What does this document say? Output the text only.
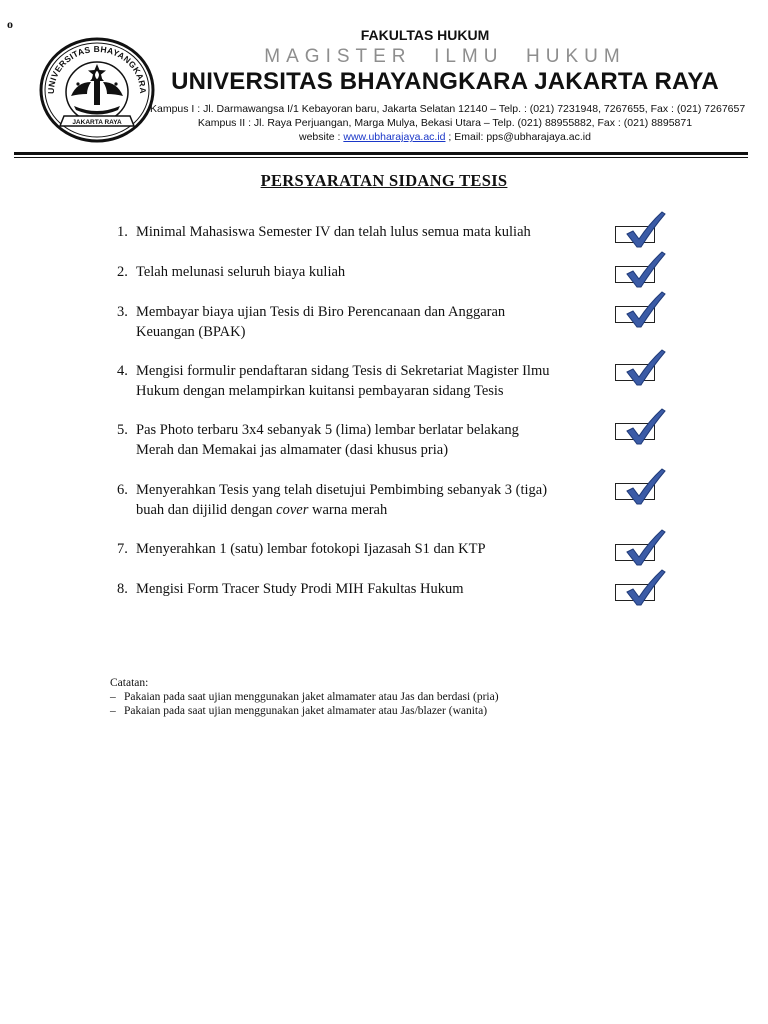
o
UNIVERSITAS BHAYANGKARA
JAKARTA RAYA
FAKULTAS HUKUM
MAGISTER  ILMU  HUKUM
UNIVERSITAS BHAYANGKARA JAKARTA RAYA
Kampus I : Jl. Darmawangsa I/1 Kebayoran baru, Jakarta Selatan 12140 – Telp. : (021) 7231948, 7267655, Fax : (021) 7267657
Kampus II : Jl. Raya Perjuangan, Marga Mulya, Bekasi Utara – Telp. (021) 88955882, Fax : (021) 8895871
website : www.ubharajaya.ac.id ; Email: pps@ubharajaya.ac.id
PERSYARATAN SIDANG TESIS
1. Minimal Mahasiswa Semester IV dan telah lulus semua mata kuliah
2. Telah melunasi seluruh biaya kuliah
3. Membayar biaya ujian Tesis di Biro Perencanaan dan Anggaran
Keuangan (BPAK)
4. Mengisi formulir pendaftaran sidang Tesis di Sekretariat Magister Ilmu
Hukum dengan melampirkan kuitansi pembayaran sidang Tesis
5. Pas Photo terbaru 3x4 sebanyak 5 (lima) lembar berlatar belakang
Merah dan Memakai jas almamater (dasi khusus pria)
6. Menyerahkan Tesis yang telah disetujui Pembimbing sebanyak 3 (tiga)
buah dan dijilid dengan cover warna merah
7. Menyerahkan 1 (satu) lembar fotokopi Ijazasah S1 dan KTP
8. Mengisi Form Tracer Study Prodi MIH Fakultas Hukum
Catatan:
– Pakaian pada saat ujian menggunakan jaket almamater atau Jas dan berdasi (pria)
– Pakaian pada saat ujian menggunakan jaket almamater atau Jas/blazer (wanita)
